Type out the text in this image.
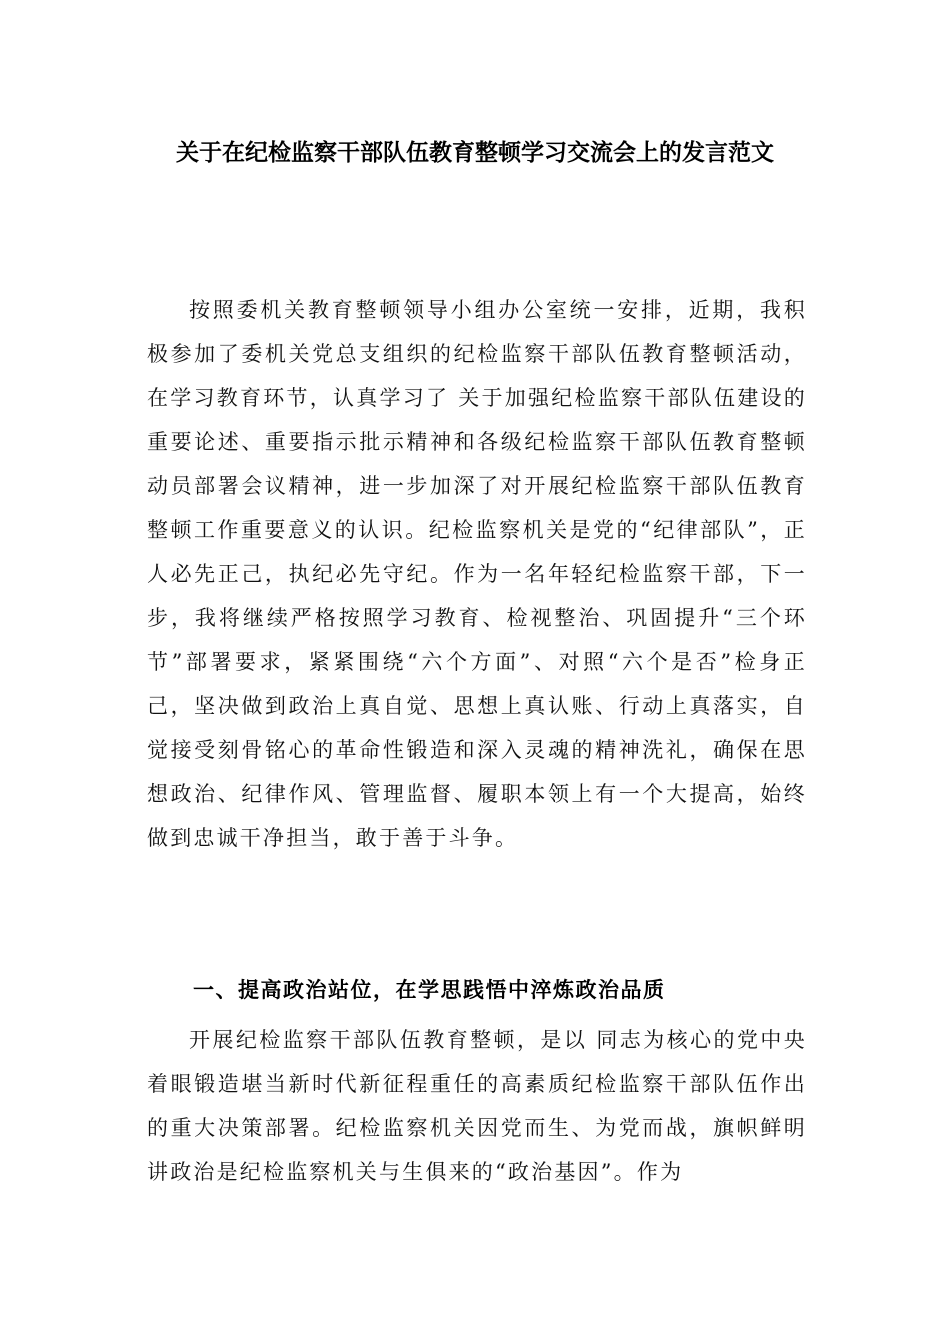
关于在纪检监察干部队伍教育整顿学习交流会上的发言范文

按照委机关教育整顿领导小组办公室统一安排，近期，我积极参加了委机关党总支组织的纪检监察干部队伍教育整顿活动，在学习教育环节，认真学习了 关于加强纪检监察干部队伍建设的重要论述、重要指示批示精神和各级纪检监察干部队伍教育整顿动员部署会议精神，进一步加深了对开展纪检监察干部队伍教育整顿工作重要意义的认识。纪检监察机关是党的“纪律部队”，正人必先正己，执纪必先守纪。作为一名年轻纪检监察干部，下一步，我将继续严格按照学习教育、检视整治、巩固提升“三个环节”部署要求，紧紧围绕“六个方面”、对照“六个是否”检身正己，坚决做到政治上真自觉、思想上真认账、行动上真落实，自觉接受刻骨铭心的革命性锻造和深入灵魂的精神洗礼，确保在思想政治、纪律作风、管理监督、履职本领上有一个大提高，始终做到忠诚干净担当，敢于善于斗争。

一、提高政治站位，在学思践悟中淬炼政治品质

开展纪检监察干部队伍教育整顿，是以 同志为核心的党中央着眼锻造堪当新时代新征程重任的高素质纪检监察干部队伍作出的重大决策部署。纪检监察机关因党而生、为党而战，旗帜鲜明讲政治是纪检监察机关与生俱来的“政治基因”。作为
